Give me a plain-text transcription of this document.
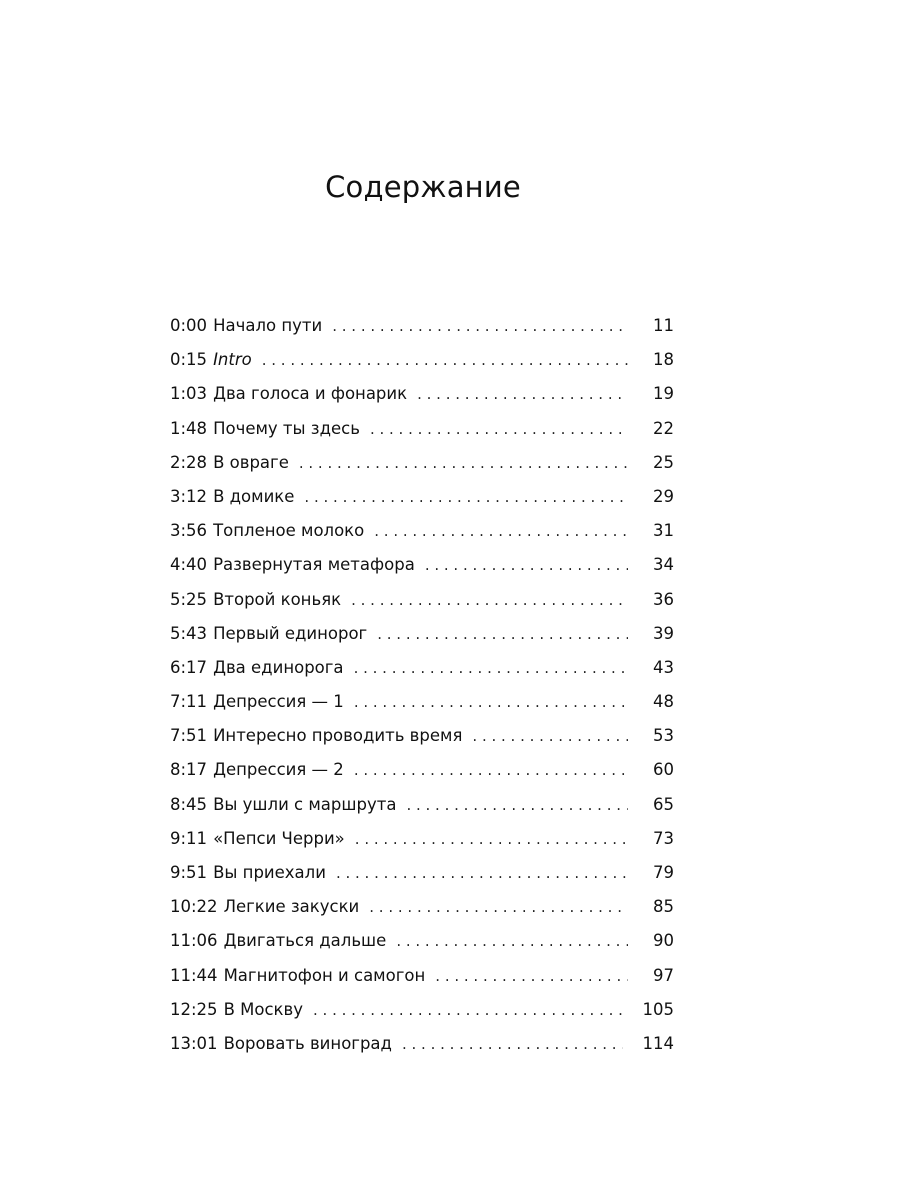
Содержание
0:00 Начало пути . . .	11
0:15 Intro . . .	18
1:03 Два голоса и фонарик . . .	19
1:48 Почему ты здесь . . .	22
2:28 В овраге . . .	25
3:12 В домике . . .	29
3:56 Топленое молоко . . .	31
4:40 Развернутая метафора . . .	34
5:25 Второй коньяк . . .	36
5:43 Первый единорог . . .	39
6:17 Два единорога . . .	43
7:11 Депрессия — 1 . . .	48
7:51 Интересно проводить время . . .	53
8:17 Депрессия — 2 . . .	60
8:45 Вы ушли с маршрута . . .	65
9:11 «Пепси Черри» . . .	73
9:51 Вы приехали . . .	79
10:22 Легкие закуски . . .	85
11:06 Двигаться дальше . . .	90
11:44 Магнитофон и самогон . . .	97
12:25 В Москву . . .	105
13:01 Воровать виноград . . .	114
